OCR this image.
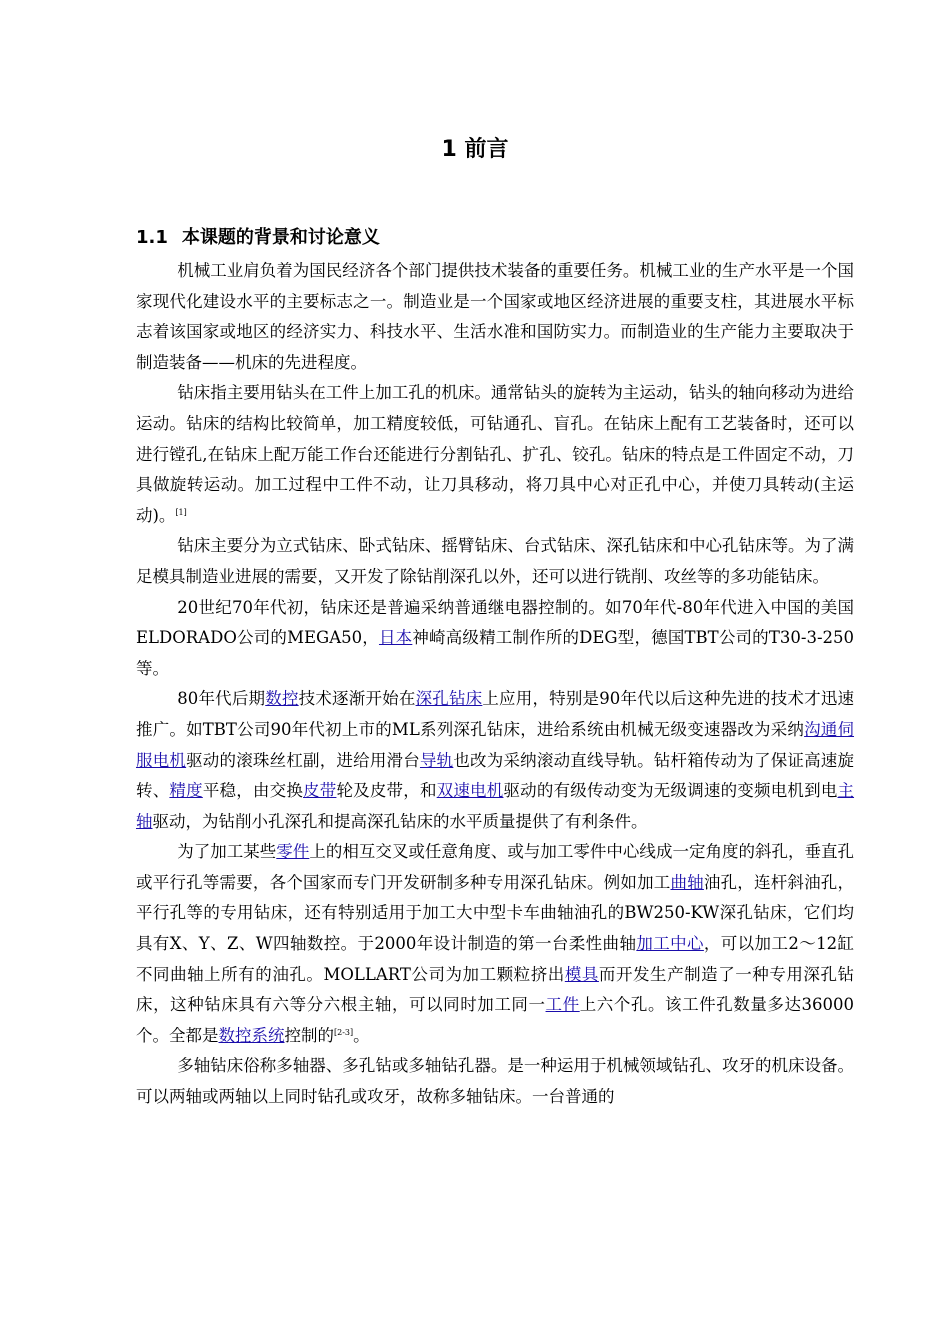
1 前言
1.1 本课题的背景和讨论意义

机械工业肩负着为国民经济各个部门提供技术装备的重要任务。机械工业的生产水平是一个国家现代化建设水平的主要标志之一。制造业是一个国家或地区经济进展的重要支柱，其进展水平标志着该国家或地区的经济实力、科技水平、生活水准和国防实力。而制造业的生产能力主要取决于制造装备——机床的先进程度。

钻床指主要用钻头在工件上加工孔的机床。通常钻头的旋转为主运动，钻头的轴向移动为进给运动。钻床的结构比较简单，加工精度较低，可钻通孔、盲孔。在钻床上配有工艺装备时，还可以进行镗孔,在钻床上配万能工作台还能进行分割钻孔、扩孔、铰孔。钻床的特点是工件固定不动，刀具做旋转运动。加工过程中工件不动，让刀具移动，将刀具中心对正孔中心，并使刀具转动(主运动)。[1]

钻床主要分为立式钻床、卧式钻床、摇臂钻床、台式钻床、深孔钻床和中心孔钻床等。为了满足模具制造业进展的需要，又开发了除钻削深孔以外，还可以进行铣削、攻丝等的多功能钻床。

20世纪70年代初，钻床还是普遍采纳普通继电器控制的。如70年代-80年代进入中国的美国ELDORADO公司的MEGA50，日本神崎高级精工制作所的DEG型，德国TBT公司的T30-3-250等。

80年代后期数控技术逐渐开始在深孔钻床上应用，特别是90年代以后这种先进的技术才迅速推广。如TBT公司90年代初上市的ML系列深孔钻床，进给系统由机械无级变速器改为采纳沟通伺服电机驱动的滚珠丝杠副，进给用滑台导轨也改为采纳滚动直线导轨。钻杆箱传动为了保证高速旋转、精度平稳，由交换皮带轮及皮带，和双速电机驱动的有级传动变为无级调速的变频电机到电主轴驱动，为钻削小孔深孔和提高深孔钻床的水平质量提供了有利条件。

为了加工某些零件上的相互交叉或任意角度、或与加工零件中心线成一定角度的斜孔，垂直孔或平行孔等需要，各个国家而专门开发研制多种专用深孔钻床。例如加工曲轴油孔，连杆斜油孔，平行孔等的专用钻床，还有特别适用于加工大中型卡车曲轴油孔的BW250-KW深孔钻床，它们均具有X、Y、Z、W四轴数控。于2000年设计制造的第一台柔性曲轴加工中心，可以加工2～12缸不同曲轴上所有的油孔。MOLLART公司为加工颗粒挤出模具而开发生产制造了一种专用深孔钻床，这种钻床具有六等分六根主轴，可以同时加工同一工件上六个孔。该工件孔数量多达36000个。全都是数控系统控制的[2-3]。

多轴钻床俗称多轴器、多孔钻或多轴钻孔器。是一种运用于机械领域钻孔、攻牙的机床设备。可以两轴或两轴以上同时钻孔或攻牙，故称多轴钻床。一台普通的
